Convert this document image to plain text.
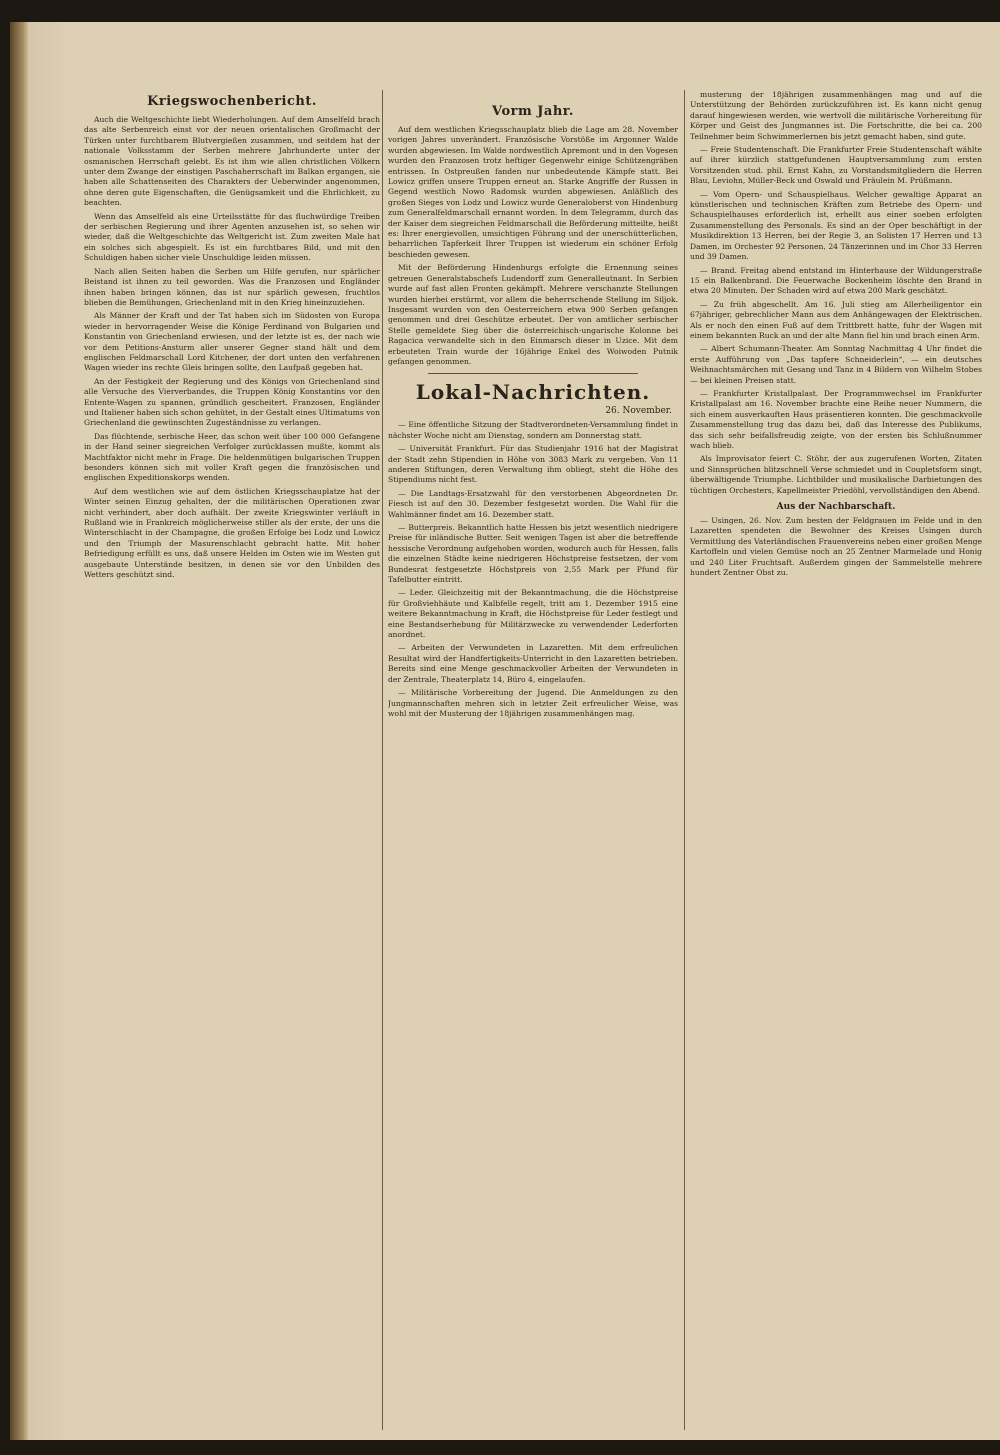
Kriegswochenbericht.

Auch die Weltgeschichte liebt Wiederholungen. Auf dem Amselfeld brach das alte Serbenreich einst vor der neuen orientalischen Großmacht der Türken unter furchtbarem Blutvergießen zusammen, und seitdem hat der nationale Volksstamm der Serben mehrere Jahrhunderte unter der osmanischen Herrschaft gelebt. Es ist ihm wie allen christlichen Völkern unter dem Zwange der einstigen Paschaherrschaft im Balkan ergangen, sie haben alle Schattenseiten des Charakters der Ueberwinder angenommen, ohne deren gute Eigenschaften, die Genügsamkeit und die Ehrlichkeit, zu beachten.

Wenn das Amselfeld als eine Urteilsstätte für das fluchwürdige Treiben der serbischen Regierung und ihrer Agenten anzusehen ist, so sehen wir wieder, daß die Weltgeschichte das Weltgericht ist. Zum zweiten Male hat ein solches sich abgespielt. Es ist ein furchtbares Bild, und mit den Schuldigen haben sicher viele Unschuldige leiden müssen.

Nach allen Seiten haben die Serben um Hilfe gerufen, nur spärlicher Beistand ist ihnen zu teil geworden. Was die Franzosen und Engländer ihnen haben bringen können, das ist nur spärlich gewesen, fruchtlos blieben die Bemühungen, Griechenland mit in den Krieg hineinzuziehen.

Als Männer der Kraft und der Tat haben sich im Südosten von Europa wieder in hervorragender Weise die Könige Ferdinand von Bulgarien und Konstantin von Griechenland erwiesen, und der letzte ist es, der nach wie vor dem Petitions-Ansturm aller unserer Gegner stand hält und dem englischen Feldmarschall Lord Kitchener, der dort unten den verfahrenen Wagen wieder ins rechte Gleis bringen sollte, den Laufpaß gegeben hat.

An der Festigkeit der Regierung und des Königs von Griechenland sind alle Versuche des Vierverbandes, die Truppen König Konstantins vor den Entente-Wagen zu spannen, gründlich gescheitert. Franzosen, Engländer und Italiener haben sich schon gehütet, in der Gestalt eines Ultimatums von Griechenland die gewünschten Zugeständnisse zu verlangen.

Das flüchtende, serbische Heer, das schon weit über 100 000 Gefangene in der Hand seiner siegreichen Verfolger zurücklassen mußte, kommt als Machtfaktor nicht mehr in Frage. Die heldenmütigen bulgarischen Truppen besonders können sich mit voller Kraft gegen die französischen und englischen Expeditionskorps wenden.

Auf dem westlichen wie auf dem östlichen Kriegsschauplatze hat der Winter seinen Einzug gehalten, der die militärischen Operationen zwar nicht verhindert, aber doch aufhält. Der zweite Kriegswinter verläuft in Rußland wie in Frankreich möglicherweise stiller als der erste, der uns die Winterschlacht in der Champagne, die großen Erfolge bei Lodz und Lowicz und den Triumph der Masurenschlacht gebracht hatte. Mit hoher Befriedigung erfüllt es uns, daß unsere Helden im Osten wie im Westen gut ausgebaute Unterstände besitzen, in denen sie vor den Unbilden des Wetters geschützt sind.

Vorm Jahr.

Auf dem westlichen Kriegsschauplatz blieb die Lage am 28. November vorigen Jahres unverändert. Französische Vorstöße im Argonner Walde wurden abgewiesen. Im Walde nordwestlich Apremont und in den Vogesen wurden den Franzosen trotz heftiger Gegenwehr einige Schützengräben entrissen. In Ostpreußen fanden nur unbedeutende Kämpfe statt. Bei Lowicz griffen unsere Truppen erneut an. Starke Angriffe der Russen in Gegend westlich Nowo Radomsk wurden abgewiesen. Anläßlich des großen Sieges von Lodz und Lowicz wurde Generaloberst von Hindenburg zum Generalfeldmarschall ernannt worden. In dem Telegramm, durch das der Kaiser dem siegreichen Feldmarschall die Beförderung mitteilte, heißt es: Ihrer energievollen, umsichtigen Führung und der unerschütterlichen, beharrlichen Tapferkeit Ihrer Truppen ist wiederum ein schöner Erfolg beschieden gewesen.

Mit der Beförderung Hindenburgs erfolgte die Ernennung seines getreuen Generalstabschefs Ludendorff zum Generalleutnant. In Serbien wurde auf fast allen Fronten gekämpft. Mehrere verschanzte Stellungen wurden hierbei erstürmt, vor allem die beherrschende Stellung im Siljok. Insgesamt wurden von den Oesterreichern etwa 900 Serben gefangen genommen und drei Geschütze erbeutet. Der von amtlicher serbischer Stelle gemeldete Sieg über die österreichisch-ungarische Kolonne bei Ragacica verwandelte sich in den Einmarsch dieser in Uzice. Mit dem erbeuteten Train wurde der 16jährige Enkel des Woiwoden Putnik gefangen genommen.

Lokal-Nachrichten.
26. November.

— Eine öffentliche Sitzung der Stadtverordneten-Versammlung findet in nächster Woche nicht am Dienstag, sondern am Donnerstag statt.

— Universität Frankfurt. Für das Studienjahr 1916 hat der Magistrat der Stadt zehn Stipendien in Höhe von 3083 Mark zu vergeben. Von 11 anderen Stiftungen, deren Verwaltung ihm obliegt, steht die Höhe des Stipendiums nicht fest.

— Die Landtags-Ersatzwahl für den verstorbenen Abgeordneten Dr. Fiesch ist auf den 30. Dezember festgesetzt worden. Die Wahl für die Wahlmänner findet am 16. Dezember statt.

— Butterpreis. Bekanntlich hatte Hessen bis jetzt wesentlich niedrigere Preise für inländische Butter. Seit wenigen Tagen ist aber die betreffende hessische Verordnung aufgehoben worden, wodurch auch für Hessen, falls die einzelnen Städte keine niedrigeren Höchstpreise festsetzen, der vom Bundesrat festgesetzte Höchstpreis von 2,55 Mark per Pfund für Tafelbutter eintritt.

— Leder. Gleichzeitig mit der Bekanntmachung, die die Höchstpreise für Großviehhäute und Kalbfelle regelt, tritt am 1. Dezember 1915 eine weitere Bekanntmachung in Kraft, die Höchstpreise für Leder festlegt und eine Bestandserhebung für Militärzwecke zu verwendender Lederforten anordnet.

— Arbeiten der Verwundeten in Lazaretten. Mit dem erfreulichen Resultat wird der Handfertigkeits-Unterricht in den Lazaretten betrieben. Bereits sind eine Menge geschmackvoller Arbeiten der Verwundeten in der Zentrale, Theaterplatz 14, Büro 4, eingelaufen.

— Militärische Vorbereitung der Jugend. Die Anmeldungen zu den Jungmannschaften mehren sich in letzter Zeit erfreulicher Weise, was wohl mit der Musterung der 18jährigen zusammenhängen mag.

musterung der 18jährigen zusammenhängen mag und auf die Unterstützung der Behörden zurückzuführen ist. Es kann nicht genug darauf hingewiesen werden, wie wertvoll die militärische Vorbereitung für Körper und Geist des Jungmannes ist. Die Fortschritte, die bei ca. 200 Teilnehmer beim Schwimmerlernen bis jetzt gemacht haben, sind gute.

— Freie Studentenschaft. Die Frankfurter Freie Studentenschaft wählte auf ihrer kürzlich stattgefundenen Hauptversammlung zum ersten Vorsitzenden stud. phil. Ernst Kahn, zu Vorstandsmitgliedern die Herren Blau, Leviohn, Müller-Beck und Oswald und Fräulein M. Prüßmann.

— Vom Opern- und Schauspielhaus. Welcher gewaltige Apparat an künstlerischen und technischen Kräften zum Betriebe des Opern- und Schauspielhauses erforderlich ist, erhellt aus einer soeben erfolgten Zusammenstellung des Personals. Es sind an der Oper beschäftigt in der Musikdirektion 13 Herren, bei der Regie 3, an Solisten 17 Herren und 13 Damen, im Orchester 92 Personen, 24 Tänzerinnen und im Chor 33 Herren und 39 Damen.

— Brand. Freitag abend entstand im Hinterhause der Wildungerstraße 15 ein Balkenbrand. Die Feuerwache Bockenheim löschte den Brand in etwa 20 Minuten. Der Schaden wird auf etwa 200 Mark geschätzt.

— Zu früh abgeschellt. Am 16. Juli stieg am Allerheiligentor ein 67jähriger, gebrechlicher Mann aus dem Anhängewagen der Elektrischen. Als er noch den einen Fuß auf dem Trittbrett hatte, fuhr der Wagen mit einem bekannten Ruck an und der alte Mann fiel hin und brach einen Arm.

— Albert Schumann-Theater. Am Sonntag Nachmittag 4 Uhr findet die erste Aufführung von „Das tapfere Schneiderlein“, — ein deutsches Weihnachtsmärchen mit Gesang und Tanz in 4 Bildern von Wilhelm Stobes — bei kleinen Preisen statt.

— Frankfurter Kristallpalast. Der Programmwechsel im Frankfurter Kristallpalast am 16. November brachte eine Reihe neuer Nummern, die sich einem ausverkauften Haus präsentieren konnten. Die geschmackvolle Zusammenstellung trug das dazu bei, daß das Interesse des Publikums, das sich sehr beifallsfreudig zeigte, von der ersten bis Schlußnummer wach blieb.

Als Improvisator feiert C. Stöhr, der aus zugerufenen Worten, Zitaten und Sinnsprüchen blitzschnell Verse schmiedet und in Coupletsform singt, überwältigende Triumphe. Lichtbilder und musikalische Darbietungen des tüchtigen Orchesters, Kapellmeister Priedöhl, vervollständigen den Abend.

Aus der Nachbarschaft.

— Usingen, 26. Nov. Zum besten der Feldgrauen im Felde und in den Lazaretten spendeten die Bewohner des Kreises Usingen durch Vermittlung des Vaterländischen Frauenvereins neben einer großen Menge Kartoffeln und vielen Gemüse noch an 25 Zentner Marmelade und Honig und 240 Liter Fruchtsaft. Außerdem gingen der Sammelstelle mehrere hundert Zentner Obst zu.
